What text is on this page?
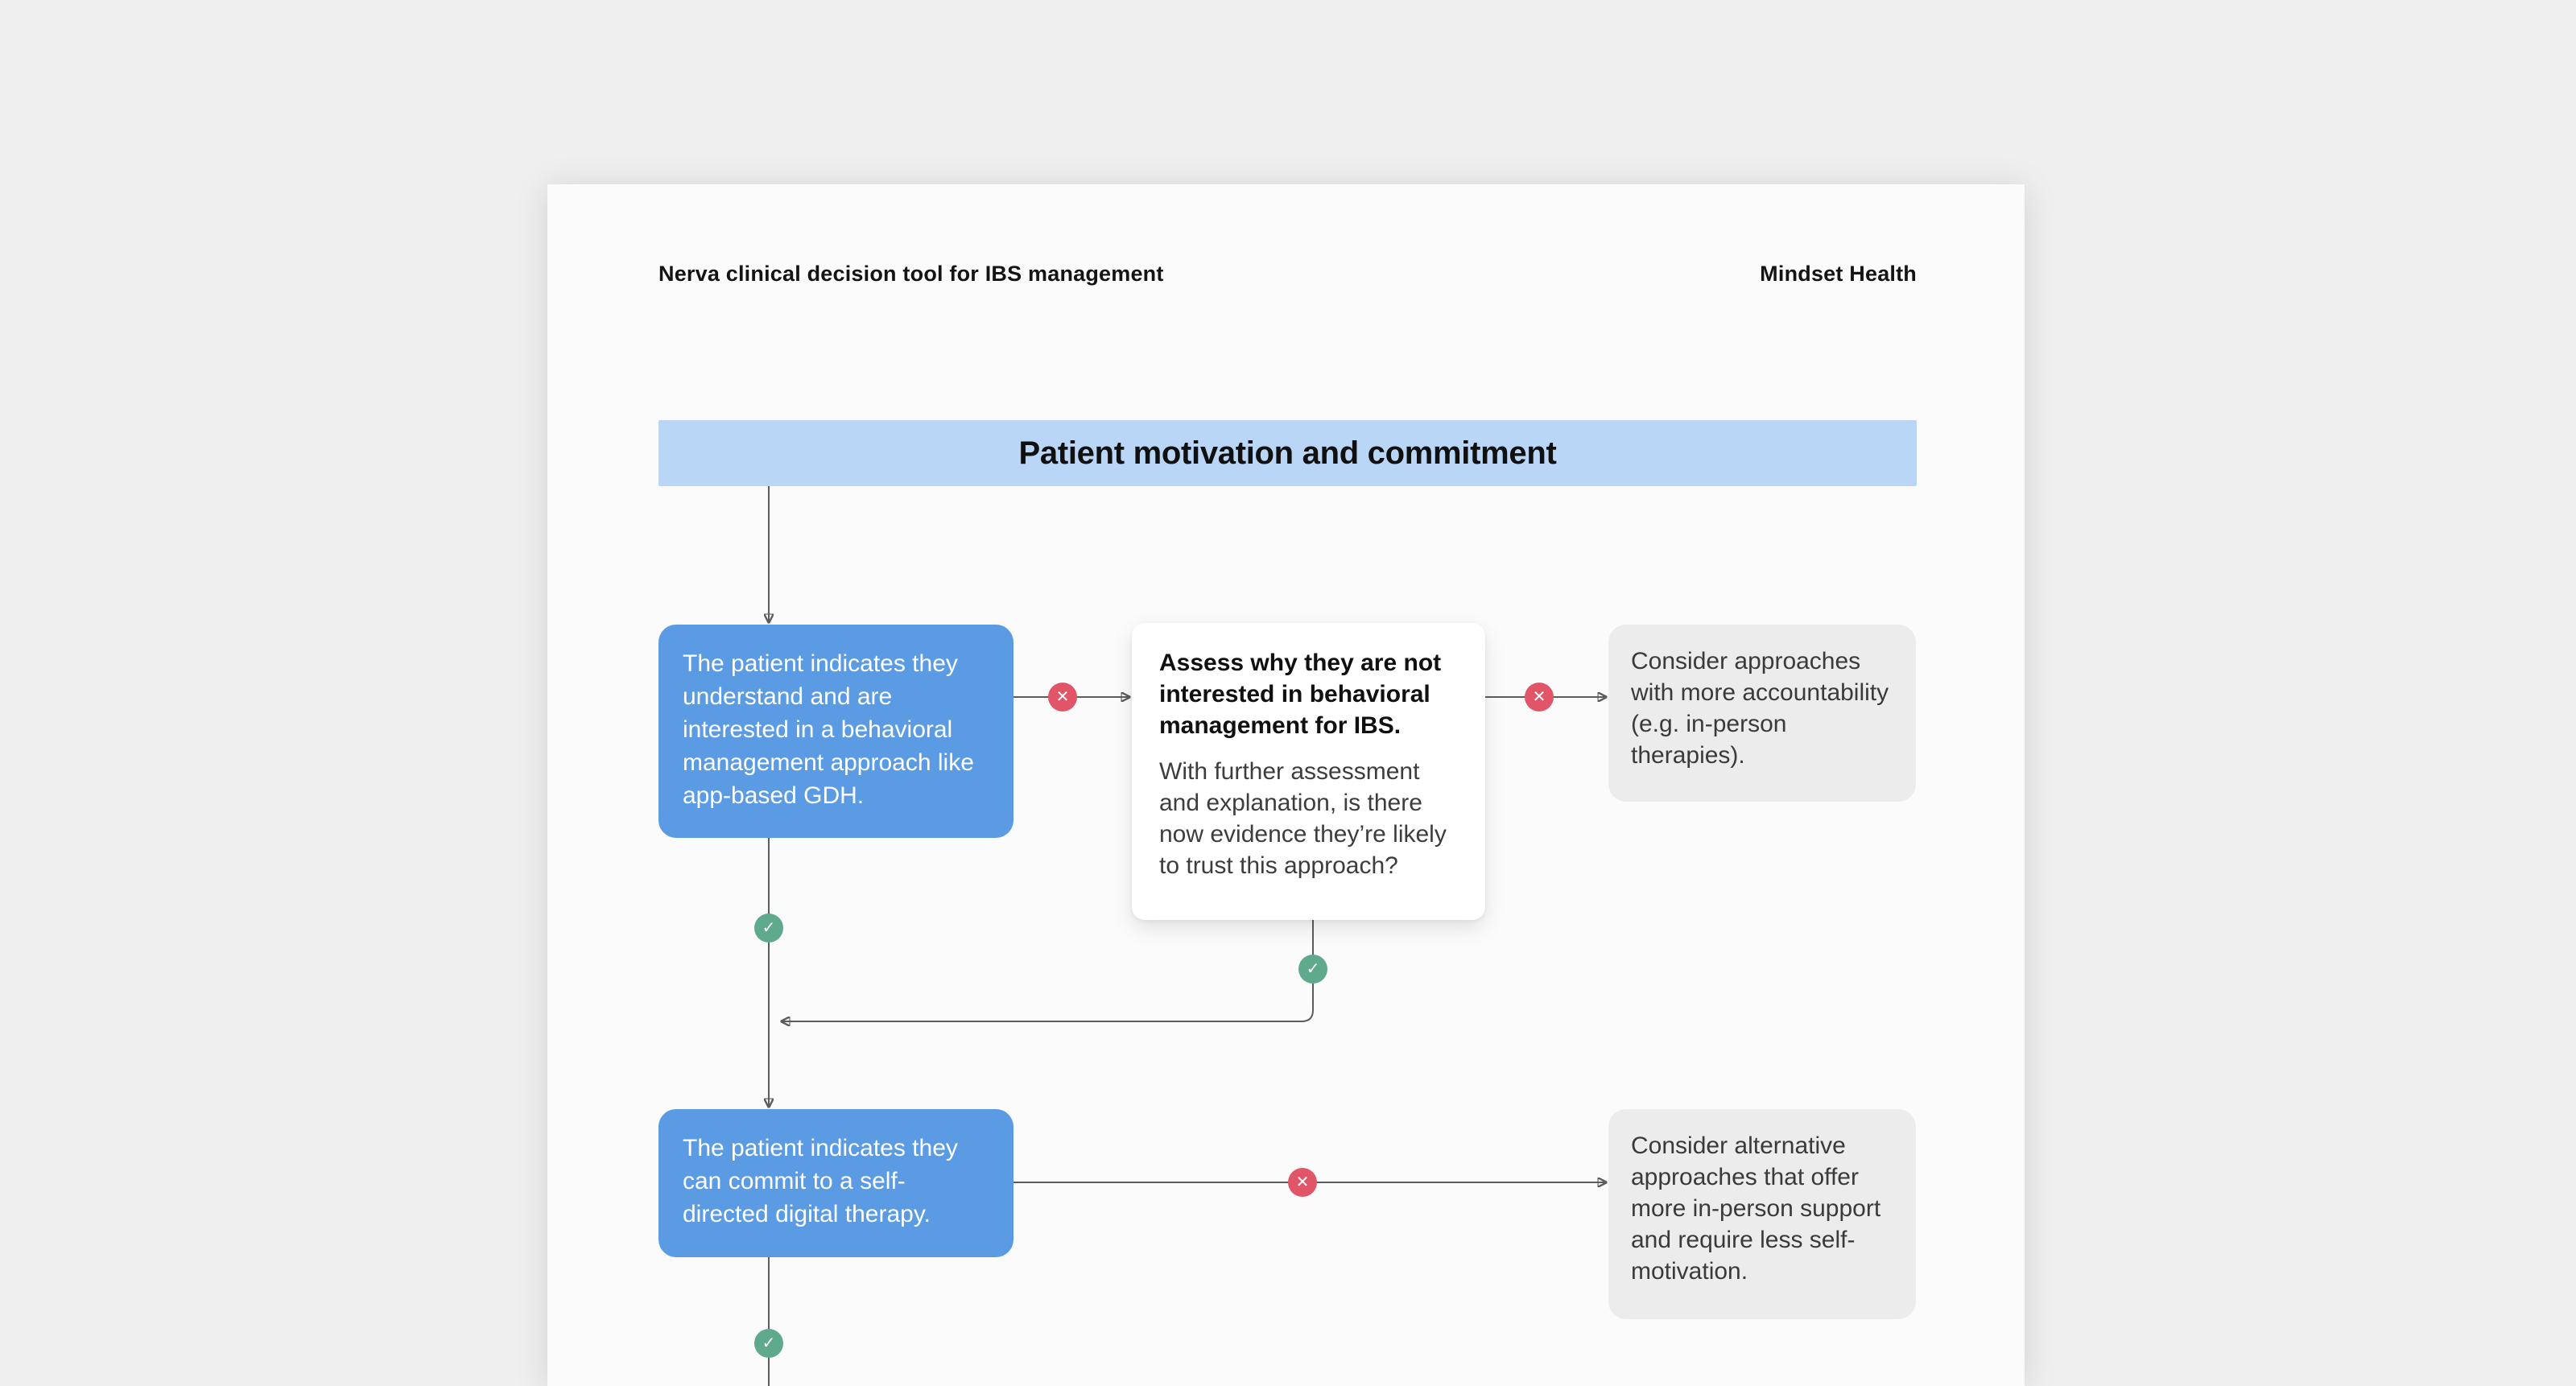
Nerva clinical decision tool for IBS management	Mindset Health
Patient motivation and commitment
The patient indicates they understand and are interested in a behavioral management approach like app-based GDH.
Assess why they are not interested in behavioral management for IBS.
With further assessment and explanation, is there now evidence they’re likely to trust this approach?
Consider approaches with more accountability (e.g. in-person therapies).
The patient indicates they can commit to a self-directed digital therapy.
Consider alternative approaches that offer more in-person support and require less self-motivation.
✕	✕
✕
✓
✓
✓
